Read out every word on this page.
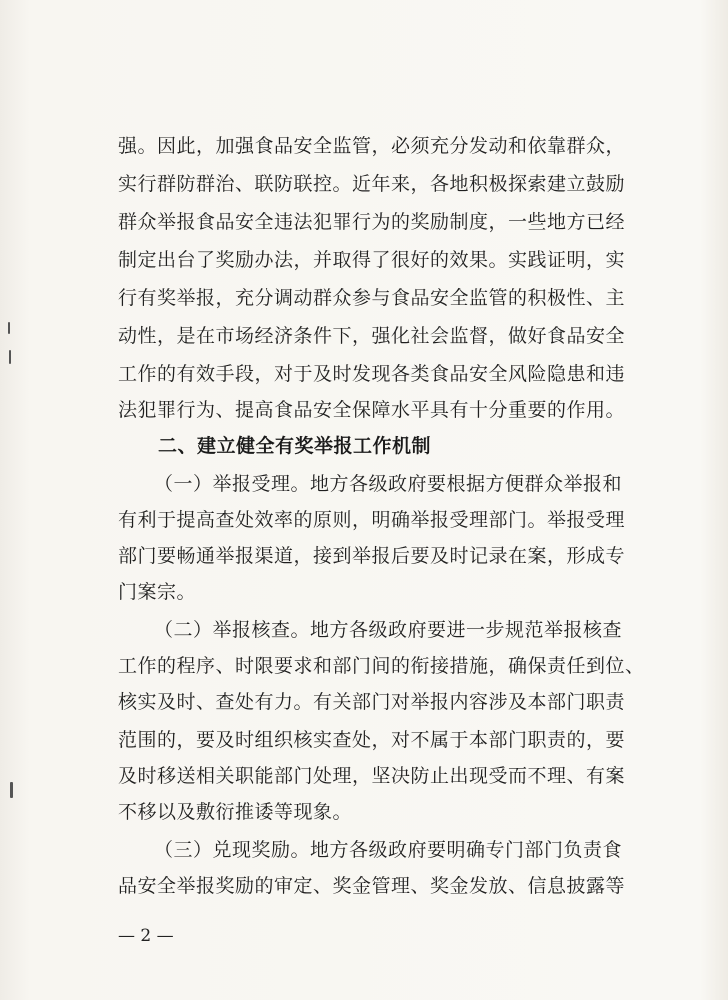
强。因此，加强食品安全监管，必须充分发动和依靠群众，
实行群防群治、联防联控。近年来，各地积极探索建立鼓励
群众举报食品安全违法犯罪行为的奖励制度，一些地方已经
制定出台了奖励办法，并取得了很好的效果。实践证明，实
行有奖举报，充分调动群众参与食品安全监管的积极性、主
动性，是在市场经济条件下，强化社会监督，做好食品安全
工作的有效手段，对于及时发现各类食品安全风险隐患和违
法犯罪行为、提高食品安全保障水平具有十分重要的作用。
二、建立健全有奖举报工作机制
（一）举报受理。地方各级政府要根据方便群众举报和
有利于提高查处效率的原则，明确举报受理部门。举报受理
部门要畅通举报渠道，接到举报后要及时记录在案，形成专
门案宗。
（二）举报核查。地方各级政府要进一步规范举报核查
工作的程序、时限要求和部门间的衔接措施，确保责任到位、
核实及时、查处有力。有关部门对举报内容涉及本部门职责
范围的，要及时组织核实查处，对不属于本部门职责的，要
及时移送相关职能部门处理，坚决防止出现受而不理、有案
不移以及敷衍推诿等现象。
（三）兑现奖励。地方各级政府要明确专门部门负责食
品安全举报奖励的审定、奖金管理、奖金发放、信息披露等
— 2 —
